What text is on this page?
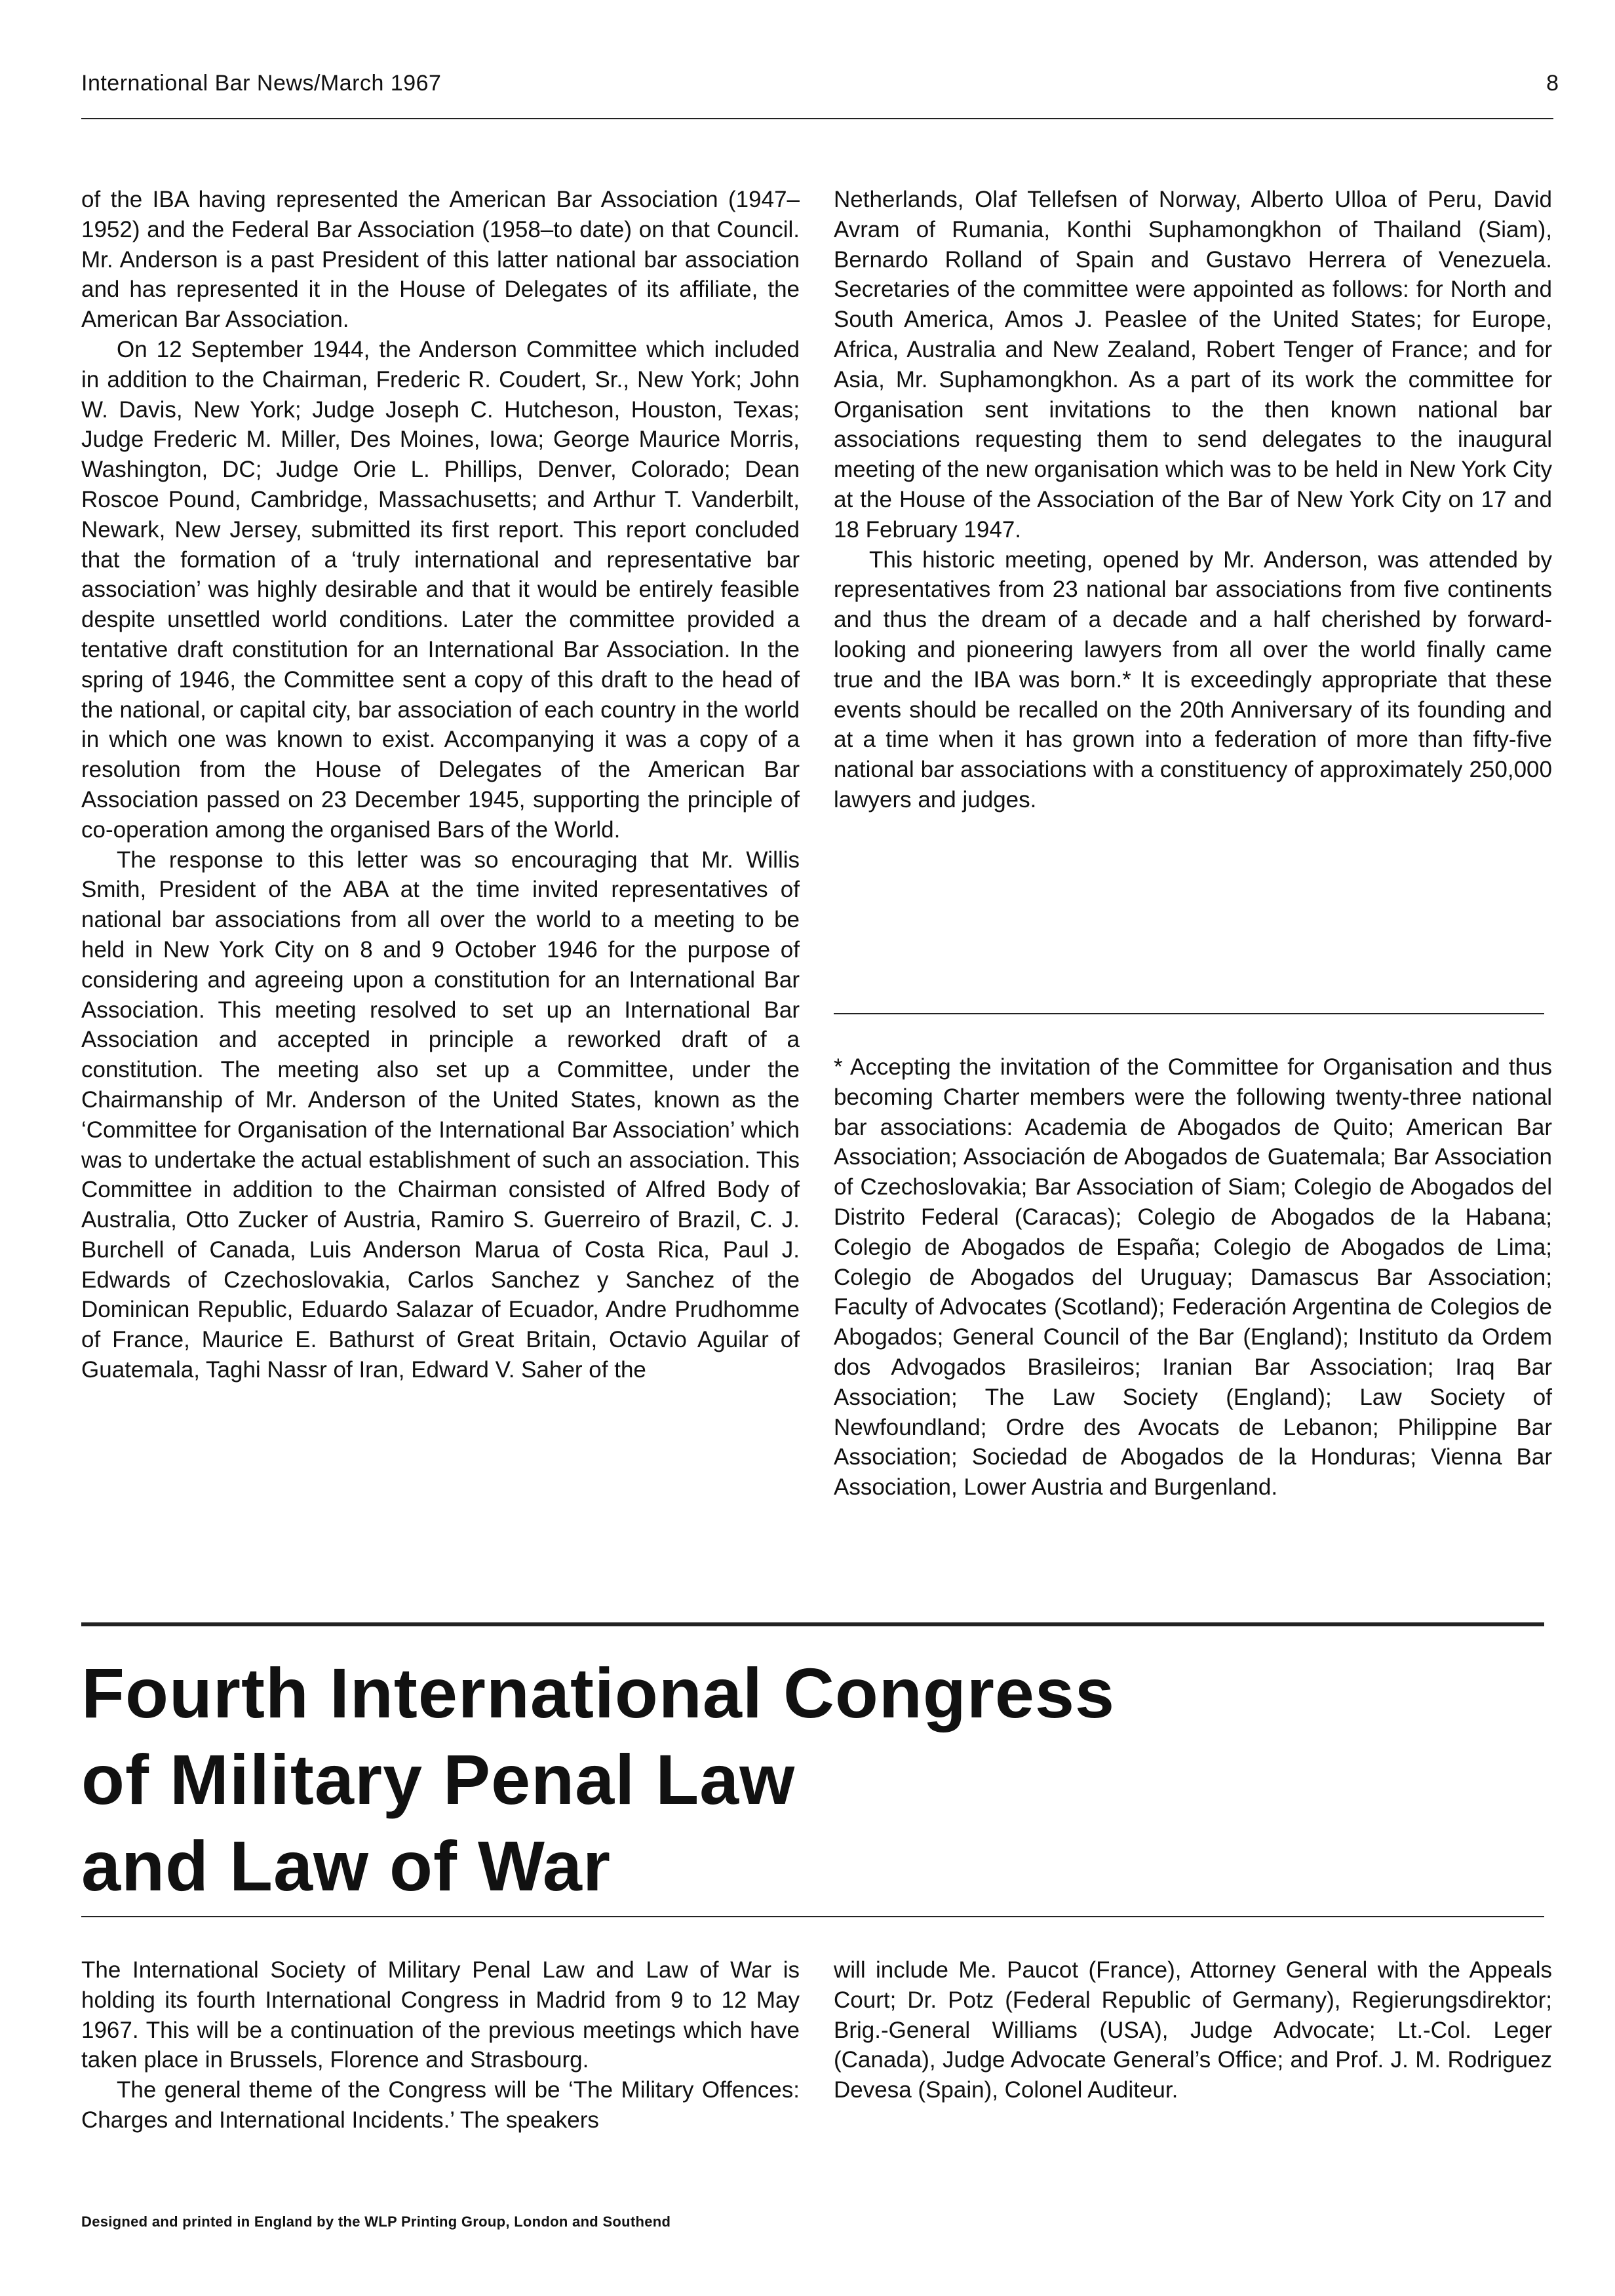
International Bar News/March 1967	8

of the IBA having represented the American Bar Association (1947–1952) and the Federal Bar Association (1958–to date) on that Council. Mr. Anderson is a past President of this latter national bar association and has represented it in the House of Delegates of its affiliate, the American Bar Association.

On 12 September 1944, the Anderson Committee which included in addition to the Chairman, Frederic R. Coudert, Sr., New York; John W. Davis, New York; Judge Joseph C. Hutcheson, Houston, Texas; Judge Frederic M. Miller, Des Moines, Iowa; George Maurice Morris, Washington, DC; Judge Orie L. Phillips, Denver, Colorado; Dean Roscoe Pound, Cambridge, Massachusetts; and Arthur T. Vanderbilt, Newark, New Jersey, submitted its first report. This report concluded that the formation of a ‘truly international and representative bar association’ was highly desirable and that it would be entirely feasible despite unsettled world conditions. Later the committee provided a tentative draft constitution for an International Bar Association. In the spring of 1946, the Committee sent a copy of this draft to the head of the national, or capital city, bar association of each country in the world in which one was known to exist. Accompanying it was a copy of a resolution from the House of Delegates of the American Bar Association passed on 23 December 1945, supporting the principle of co-operation among the organised Bars of the World.

The response to this letter was so encouraging that Mr. Willis Smith, President of the ABA at the time invited representatives of national bar associations from all over the world to a meeting to be held in New York City on 8 and 9 October 1946 for the purpose of considering and agreeing upon a constitution for an International Bar Association. This meeting resolved to set up an International Bar Association and accepted in principle a reworked draft of a constitution. The meeting also set up a Committee, under the Chairmanship of Mr. Anderson of the United States, known as the ‘Committee for Organisation of the International Bar Association’ which was to undertake the actual establishment of such an association. This Committee in addition to the Chairman consisted of Alfred Body of Australia, Otto Zucker of Austria, Ramiro S. Guerreiro of Brazil, C. J. Burchell of Canada, Luis Anderson Marua of Costa Rica, Paul J. Edwards of Czechoslovakia, Carlos Sanchez y Sanchez of the Dominican Republic, Eduardo Salazar of Ecuador, Andre Prudhomme of France, Maurice E. Bathurst of Great Britain, Octavio Aguilar of Guatemala, Taghi Nassr of Iran, Edward V. Saher of the

Netherlands, Olaf Tellefsen of Norway, Alberto Ulloa of Peru, David Avram of Rumania, Konthi Suphamongkhon of Thailand (Siam), Bernardo Rolland of Spain and Gustavo Herrera of Venezuela. Secretaries of the committee were appointed as follows: for North and South America, Amos J. Peaslee of the United States; for Europe, Africa, Australia and New Zealand, Robert Tenger of France; and for Asia, Mr. Suphamongkhon. As a part of its work the committee for Organisation sent invitations to the then known national bar associations requesting them to send delegates to the inaugural meeting of the new organisation which was to be held in New York City at the House of the Association of the Bar of New York City on 17 and 18 February 1947.

This historic meeting, opened by Mr. Anderson, was attended by representatives from 23 national bar associations from five continents and thus the dream of a decade and a half cherished by forward-looking and pioneering lawyers from all over the world finally came true and the IBA was born.* It is exceedingly appropriate that these events should be recalled on the 20th Anniversary of its founding and at a time when it has grown into a federation of more than fifty-five national bar associations with a constituency of approximately 250,000 lawyers and judges.

* Accepting the invitation of the Committee for Organisation and thus becoming Charter members were the following twenty-three national bar associations: Academia de Abogados de Quito; American Bar Association; Associación de Abogados de Guatemala; Bar Association of Czechoslovakia; Bar Association of Siam; Colegio de Abogados del Distrito Federal (Caracas); Colegio de Abogados de la Habana; Colegio de Abogados de España; Colegio de Abogados de Lima; Colegio de Abogados del Uruguay; Damascus Bar Association; Faculty of Advocates (Scotland); Federación Argentina de Colegios de Abogados; General Council of the Bar (England); Instituto da Ordem dos Advogados Brasileiros; Iranian Bar Association; Iraq Bar Association; The Law Society (England); Law Society of Newfoundland; Ordre des Avocats de Lebanon; Philippine Bar Association; Sociedad de Abogados de la Honduras; Vienna Bar Association, Lower Austria and Burgenland.

Fourth International Congress
of Military Penal Law
and Law of War

The International Society of Military Penal Law and Law of War is holding its fourth International Congress in Madrid from 9 to 12 May 1967. This will be a continuation of the previous meetings which have taken place in Brussels, Florence and Strasbourg.

The general theme of the Congress will be ‘The Military Offences: Charges and International Incidents.’ The speakers

will include Me. Paucot (France), Attorney General with the Appeals Court; Dr. Potz (Federal Republic of Germany), Regierungsdirektor; Brig.-General Williams (USA), Judge Advocate; Lt.-Col. Leger (Canada), Judge Advocate General’s Office; and Prof. J. M. Rodriguez Devesa (Spain), Colonel Auditeur.

Designed and printed in England by the WLP Printing Group, London and Southend
